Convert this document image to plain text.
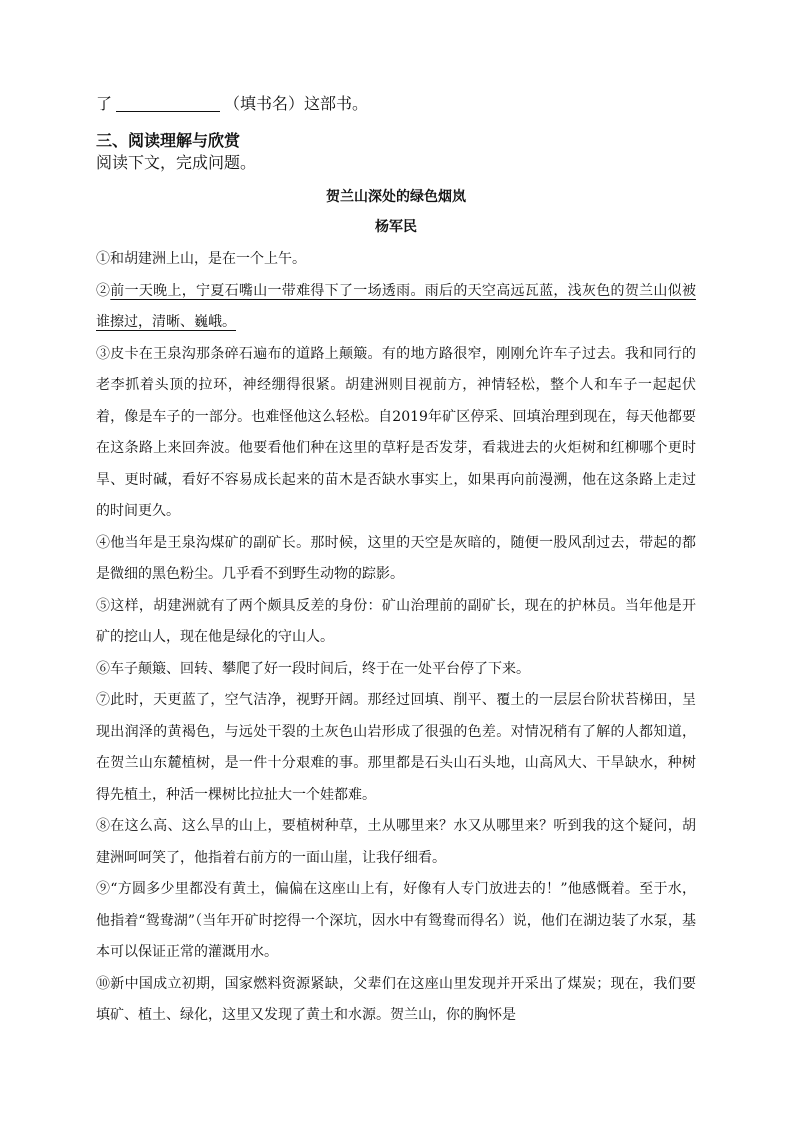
了	（填书名）这部书。

三、阅读理解与欣赏

阅读下文，完成问题。

贺兰山深处的绿色烟岚

杨军民

①和胡建洲上山，是在一个上午。

②前一天晚上，宁夏石嘴山一带难得下了一场透雨。雨后的天空高远瓦蓝，浅灰色的贺兰山似被谁擦过，清晰、巍峨。

③皮卡在王泉沟那条碎石遍布的道路上颠簸。有的地方路很窄，刚刚允许车子过去。我和同行的老李抓着头顶的拉环，神经绷得很紧。胡建洲则目视前方，神情轻松，整个人和车子一起起伏着，像是车子的一部分。也难怪他这么轻松。自2019年矿区停采、回填治理到现在，每天他都要在这条路上来回奔波。他要看他们种在这里的草籽是否发芽，看栽进去的火炬树和红柳哪个更时旱、更时碱，看好不容易成长起来的苗木是否缺水事实上，如果再向前漫溯，他在这条路上走过的时间更久。

④他当年是王泉沟煤矿的副矿长。那时候，这里的天空是灰暗的，随便一股风刮过去，带起的都是微细的黑色粉尘。几乎看不到野生动物的踪影。

⑤这样，胡建洲就有了两个颇具反差的身份：矿山治理前的副矿长，现在的护林员。当年他是开矿的挖山人，现在他是绿化的守山人。

⑥车子颠簸、回转、攀爬了好一段时间后，终于在一处平台停了下来。

⑦此时，天更蓝了，空气洁净，视野开阔。那经过回填、削平、覆土的一层层台阶状苔梯田，呈现出润泽的黄褐色，与远处干裂的土灰色山岩形成了很强的色差。对情况稍有了解的人都知道，在贺兰山东麓植树，是一件十分艰难的事。那里都是石头山石头地，山高风大、干旱缺水，种树得先植土，种活一棵树比拉扯大一个娃都难。

⑧在这么高、这么旱的山上，要植树种草，土从哪里来？水又从哪里来？听到我的这个疑问，胡建洲呵呵笑了，他指着右前方的一面山崖，让我仔细看。

⑨“方圆多少里都没有黄土，偏偏在这座山上有，好像有人专门放进去的！”他感慨着。至于水，他指着“鸳鸯湖”（当年开矿时挖得一个深坑，因水中有鸳鸯而得名）说，他们在湖边装了水泵，基本可以保证正常的灌溉用水。

⑩新中国成立初期，国家燃料资源紧缺，父辈们在这座山里发现并开采出了煤炭；现在，我们要填矿、植土、绿化，这里又发现了黄土和水源。贺兰山，你的胸怀是
